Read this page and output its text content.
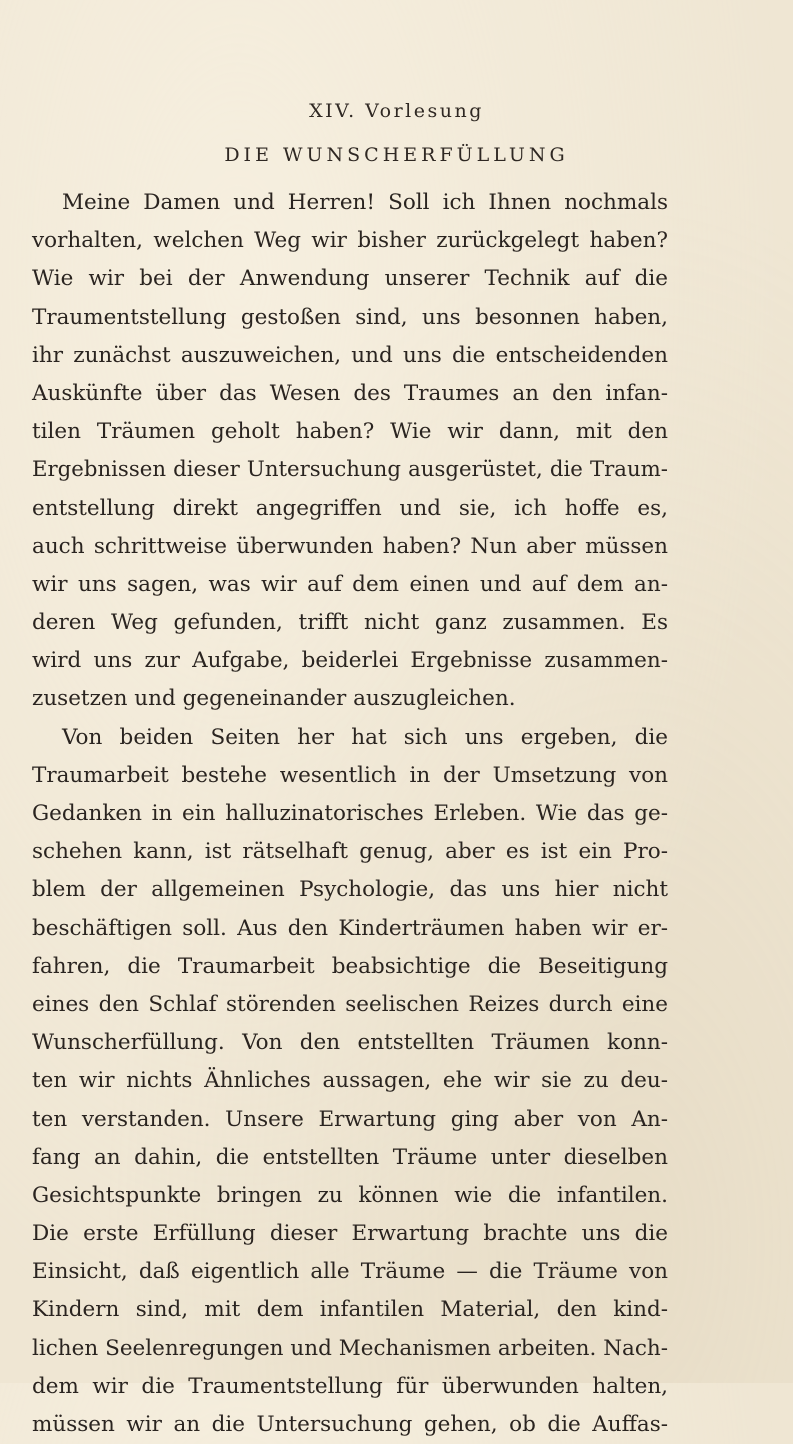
XIV. Vorlesung
DIE WUNSCHERFÜLLUNG
Meine Damen und Herren! Soll ich Ihnen nochmals
vorhalten, welchen Weg wir bisher zurückgelegt haben?
Wie wir bei der Anwendung unserer Technik auf die
Traumentstellung gestoßen sind, uns besonnen haben,
ihr zunächst auszuweichen, und uns die entscheidenden
Auskünfte über das Wesen des Traumes an den infan-
tilen Träumen geholt haben? Wie wir dann, mit den
Ergebnissen dieser Untersuchung ausgerüstet, die Traum-
entstellung direkt angegriffen und sie, ich hoffe es,
auch schrittweise überwunden haben? Nun aber müssen
wir uns sagen, was wir auf dem einen und auf dem an-
deren Weg gefunden, trifft nicht ganz zusammen. Es
wird uns zur Aufgabe, beiderlei Ergebnisse zusammen-
zusetzen und gegeneinander auszugleichen.
Von beiden Seiten her hat sich uns ergeben, die
Traumarbeit bestehe wesentlich in der Umsetzung von
Gedanken in ein halluzinatorisches Erleben. Wie das ge-
schehen kann, ist rätselhaft genug, aber es ist ein Pro-
blem der allgemeinen Psychologie, das uns hier nicht
beschäftigen soll. Aus den Kinderträumen haben wir er-
fahren, die Traumarbeit beabsichtige die Beseitigung
eines den Schlaf störenden seelischen Reizes durch eine
Wunscherfüllung. Von den entstellten Träumen konn-
ten wir nichts Ähnliches aussagen, ehe wir sie zu deu-
ten verstanden. Unsere Erwartung ging aber von An-
fang an dahin, die entstellten Träume unter dieselben
Gesichtspunkte bringen zu können wie die infantilen.
Die erste Erfüllung dieser Erwartung brachte uns die
Einsicht, daß eigentlich alle Träume — die Träume von
Kindern sind, mit dem infantilen Material, den kind-
lichen Seelenregungen und Mechanismen arbeiten. Nach-
dem wir die Traumentstellung für überwunden halten,
müssen wir an die Untersuchung gehen, ob die Auffas-
